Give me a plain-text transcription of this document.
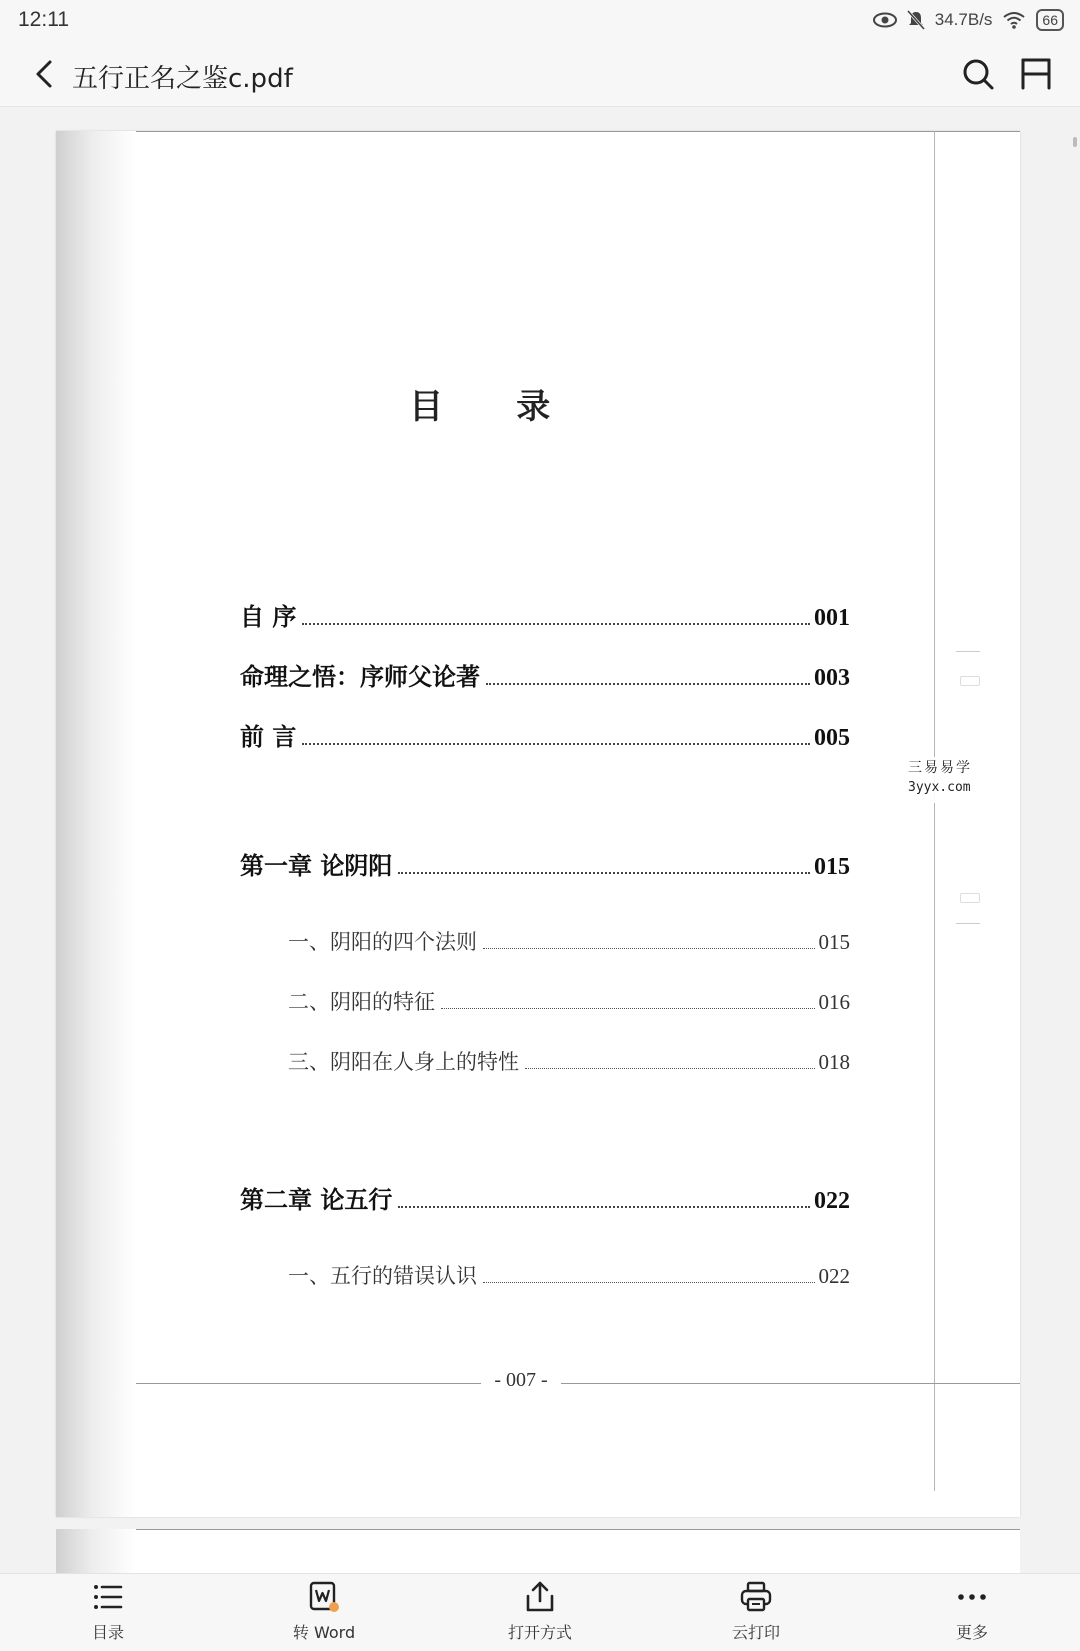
12:11	34.7B/s	66
五行正名之鉴c.pdf
目 录
自 序	001
命理之悟：序师父论著	003
前 言	005
第一章 论阴阳	015
一、阴阳的四个法则	015
二、阴阳的特征	016
三、阴阳在人身上的特性	018
第二章 论五行	022
一、五行的错误认识	022
- 007 -
三易易学
3yyx.com
目录	转 Word	打开方式	云打印	更多
